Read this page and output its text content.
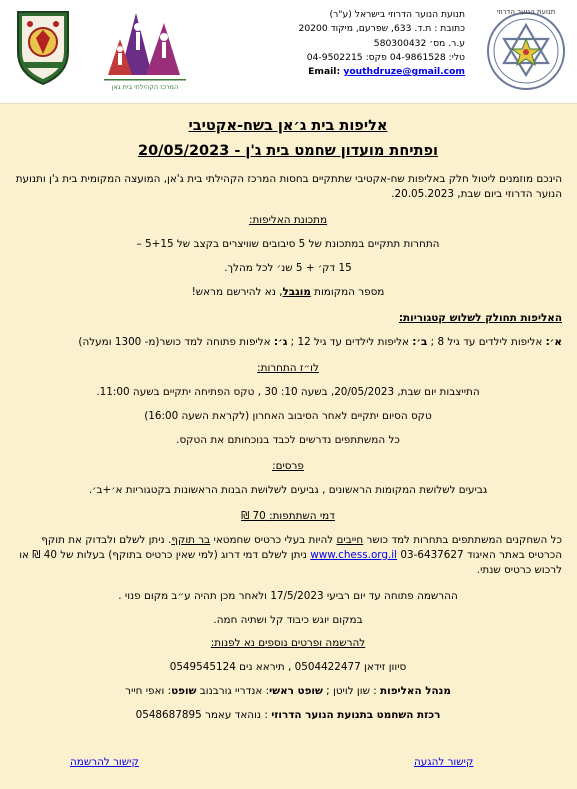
המרכז הקהילתי בית גאן
תנועת הנוער הדרוזי בישראל (ע"ר)
כתובת : ת.ד. 633, שפרעם, מיקוד 20200
ע.ר. מס׳ 580300432
טלי: 04-9861528 פקס: 04-9502215
Email: youthdruze@gmail.com
תנועת הנוער הדרוזי
אליפות בית ג׳אן בשח-אקטיבי
ופתיחת מועדון שחמט בית ג'ן - 20/05/2023

הינכם מוזמנים ליטול חלק באליפות שח-אקטיבי שתתקיים בחסות המרכז הקהילתי בית ג'אן, המועצה המקומית בית ג'ן ותנועת הנוער הדרוזי ביום שבת, 20.05.2023.

מתכונת האליפות:

התחרות תתקיים במתכונת של 5 סיבובים שוויצרים בקצב של 5+15 –

15 דק׳ + 5 שנ׳ לכל מהלך.

מספר המקומות מוגבל, נא להירשם מראש!

האליפות תחולק לשלוש קטגוריות:

א׳: אליפות לילדים עד גיל 8 ; ב׳: אליפות לילדים עד גיל 12 ; ג׳: אליפות פתוחה למד כושר(מ- 1300 ומעלה)

לו״ז התחרות:

התייצבות יום שבת, 20/05/2023, בשעה 10: 30 , טקס הפתיחה יתקיים בשעה 11:00.

טקס הסיום יתקיים לאחר הסיבוב האחרון (לקראת השעה 16:00)

כל המשתתפים נדרשים לכבד בנוכחותם את הטקס.

פרסים:

גביעים לשלושת המקומות הראשונים , גביעים לשלושת הבנות הראשונות בקטגוריות א׳+ב׳.

דמי השתתפות: 70 ₪

כל השחקנים המשתתפים בתחרות למד כושר חייבים להיות בעלי כרטיס שחמטאי בר תוקף. ניתן לשלם ולבדוק את תוקף הכרטיס באתר האיגוד www.chess.org.il 03-6437627 ניתן לשלם דמי דרוג (למי שאין כרטיס בתוקף) בעלות של 40 ₪ או לרכוש כרטיס שנתי.

ההרשמה פתוחה עד יום רביעי 17/5/2023 ולאחר מכן תהיה ע״ב מקום פנוי .

במקום יוגש כיבוד קל ושתיה חמה.

להרשמה ופרטים נוספים נא לפנות:

סיוון זידאן 0504422477 , תיראא נים 0549545124

מנהל האליפות : שון לויטן ; שופט ראשי: אנדריי גורבנוב שופט: ואפי חייר

רכזת השחמט בתנועת הנוער הדרוזי : נוהאד עאמר 0548687895

קישור להרשמה	קישור להגעה
